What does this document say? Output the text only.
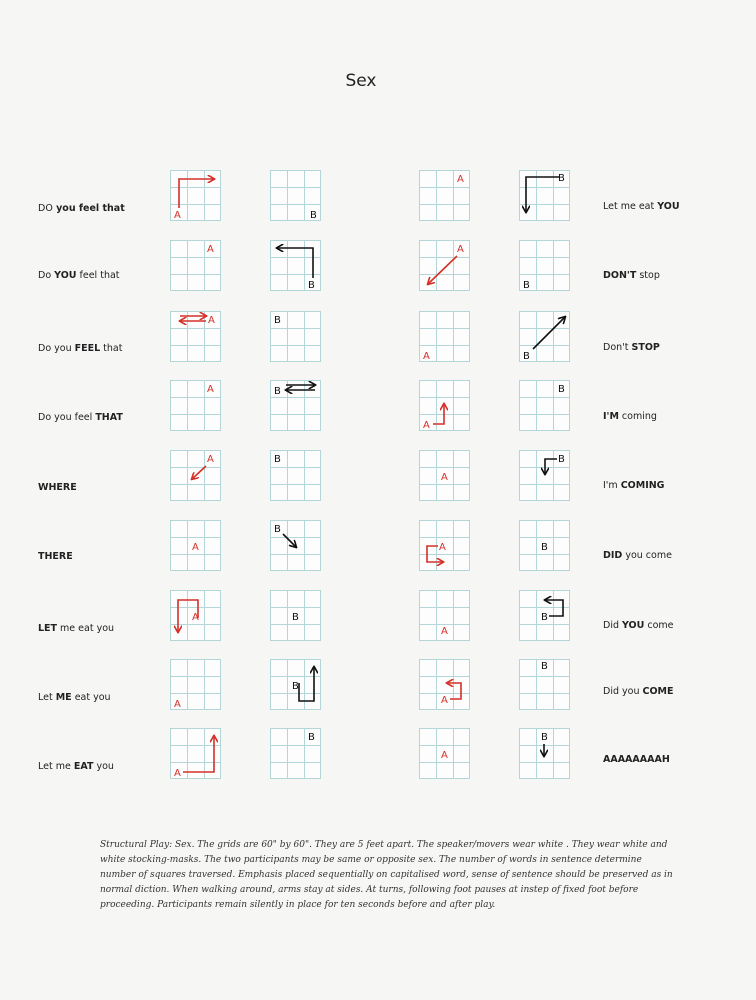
Sex
DO you feel that
A	B
A	B
Let me eat YOU
Do YOU feel that
A
B
A
B
DON'T stop
Do you FEEL that
A	B
A	B
Don't STOP
Do you feel THAT
A	B
A
B
I'M coming
WHERE
A	B
A
B
I'm COMING
THERE
A
B
A	B
DID you come
LET me eat you
A	B
A
B
Did YOU come
Let ME eat you
A
B
A
B
Did you COME
Let me EAT you
A
B
A
B
AAAAAAAAH
Structural Play: Sex. The grids are 60" by 60". They are 5 feet apart. The speaker/movers wear white . They wear white and white stocking-masks. The two participants may be same or opposite sex. The number of words in sentence determine number of squares traversed. Emphasis placed sequentially on capitalised word, sense of sentence should be preserved as in normal diction. When walking around, arms stay at sides. At turns, following foot pauses at instep of fixed foot before proceeding. Participants remain silently in place for ten seconds before and after play.
